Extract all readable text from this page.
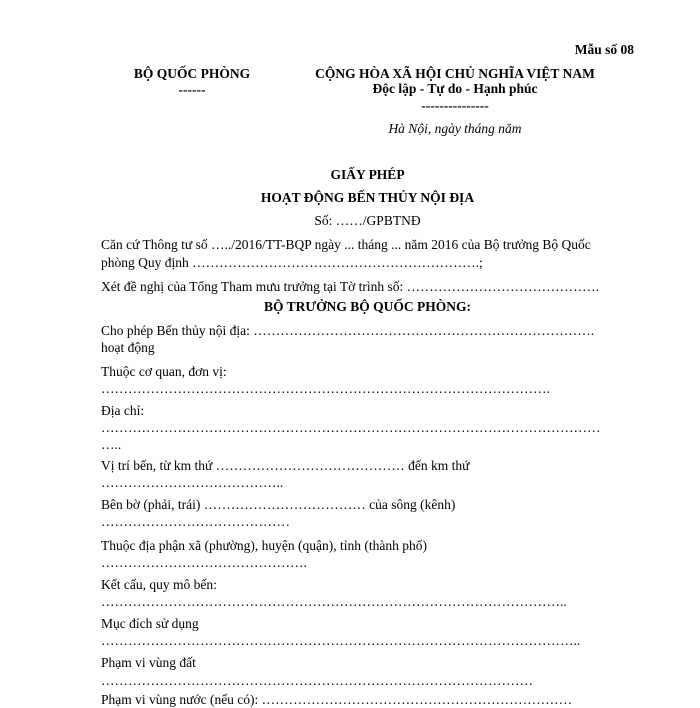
Mẫu số 08
BỘ QUỐC PHÒNG
------
CỘNG HÒA XÃ HỘI CHỦ NGHĨA VIỆT NAM
Độc lập - Tự do - Hạnh phúc
---------------
Hà Nội, ngày tháng năm
GIẤY PHÉP
HOẠT ĐỘNG BẾN THỦY NỘI ĐỊA
Số: ……/GPBTNĐ
Căn cứ Thông tư số …../2016/TT-BQP ngày ... tháng ... năm 2016 của Bộ trưởng Bộ Quốc phòng Quy định ……………………………………………………….;
Xét đề nghị của Tổng Tham mưu trưởng tại Tờ trình số: …………………………………….
BỘ TRƯỞNG BỘ QUỐC PHÒNG:
Cho phép Bến thủy nội địa: ………………………………………………………………….
hoạt động
Thuộc cơ quan, đơn vị:
……………………………………………………………………………………….
Địa chỉ:
…………………………………………………………………………………………………
…..
Vị trí bến, từ km thứ …………………………………… đến km thứ
…………………………………..
Bên bờ (phải, trái) ……………………………… của sông (kênh)
……………………………………
Thuộc địa phận xã (phường), huyện (quận), tỉnh (thành phố)
……………………………………….
Kết cấu, quy mô bến:
…………………………………………………………………………………………..
Mục đích sử dụng
……………………………………………………………………………………………..
Phạm vi vùng đất
……………………………………………………………………………………
Phạm vi vùng nước (nếu có): ……………………………………………………………
